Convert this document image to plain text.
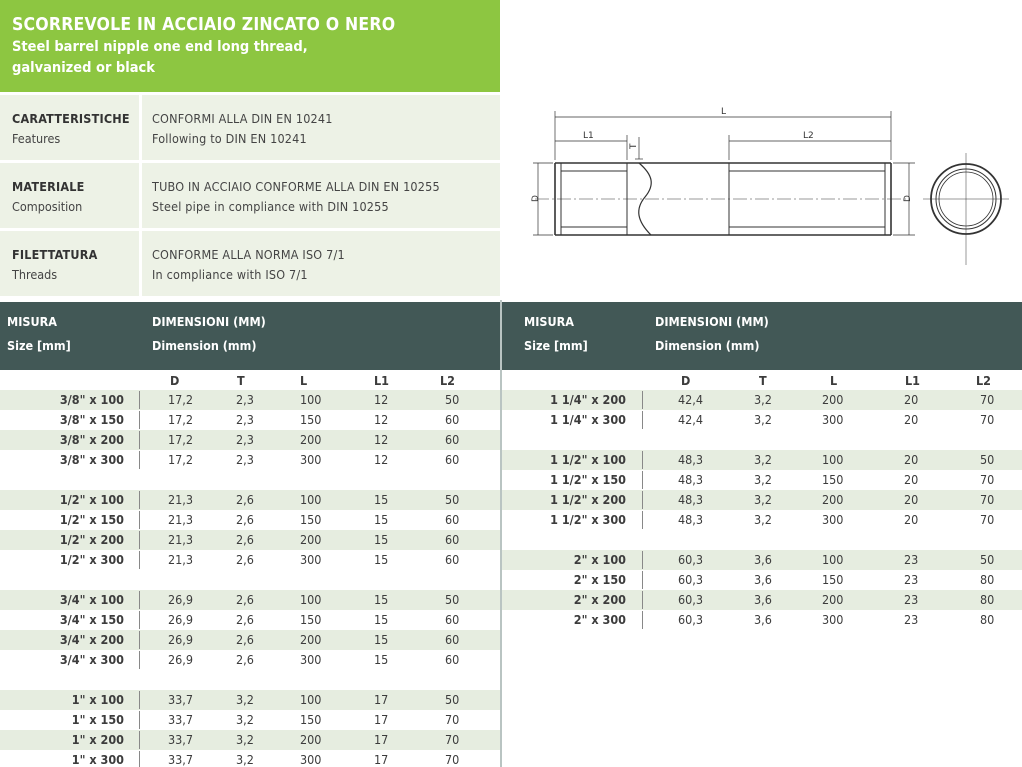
SCORREVOLE IN ACCIAIO ZINCATO O NERO
Steel barrel nipple one end long thread,
galvanized or black
CARATTERISTICHE
Features
CONFORMI ALLA DIN EN 10241
Following to DIN EN 10241
MATERIALE
Composition
TUBO IN ACCIAIO CONFORME ALLA DIN EN 10255
Steel pipe in compliance with DIN 10255
FILETTATURA
Threads
CONFORME ALLA NORMA ISO 7/1
In compliance with ISO 7/1
L
L1	L2
T
D	D
MISURA
Size [mm]
DIMENSIONI (MM)
Dimension (mm)
MISURA
Size [mm]
DIMENSIONI (MM)
Dimension (mm)
D	T	L	L1	L2	D	T	L	L1	L2
3/8" x 100	17,2	2,3	100	12	50
3/8" x 150	17,2	2,3	150	12	60
3/8" x 200	17,2	2,3	200	12	60
3/8" x 300	17,2	2,3	300	12	60
1/2" x 100	21,3	2,6	100	15	50
1/2" x 150	21,3	2,6	150	15	60
1/2" x 200	21,3	2,6	200	15	60
1/2" x 300	21,3	2,6	300	15	60
3/4" x 100	26,9	2,6	100	15	50
3/4" x 150	26,9	2,6	150	15	60
3/4" x 200	26,9	2,6	200	15	60
3/4" x 300	26,9	2,6	300	15	60
1" x 100	33,7	3,2	100	17	50
1" x 150	33,7	3,2	150	17	70
1" x 200	33,7	3,2	200	17	70
1" x 300	33,7	3,2	300	17	70
1 1/4" x 200	42,4	3,2	200	20	70
1 1/4" x 300	42,4	3,2	300	20	70
1 1/2" x 100	48,3	3,2	100	20	50
1 1/2" x 150	48,3	3,2	150	20	70
1 1/2" x 200	48,3	3,2	200	20	70
1 1/2" x 300	48,3	3,2	300	20	70
2" x 100	60,3	3,6	100	23	50
2" x 150	60,3	3,6	150	23	80
2" x 200	60,3	3,6	200	23	80
2" x 300	60,3	3,6	300	23	80
